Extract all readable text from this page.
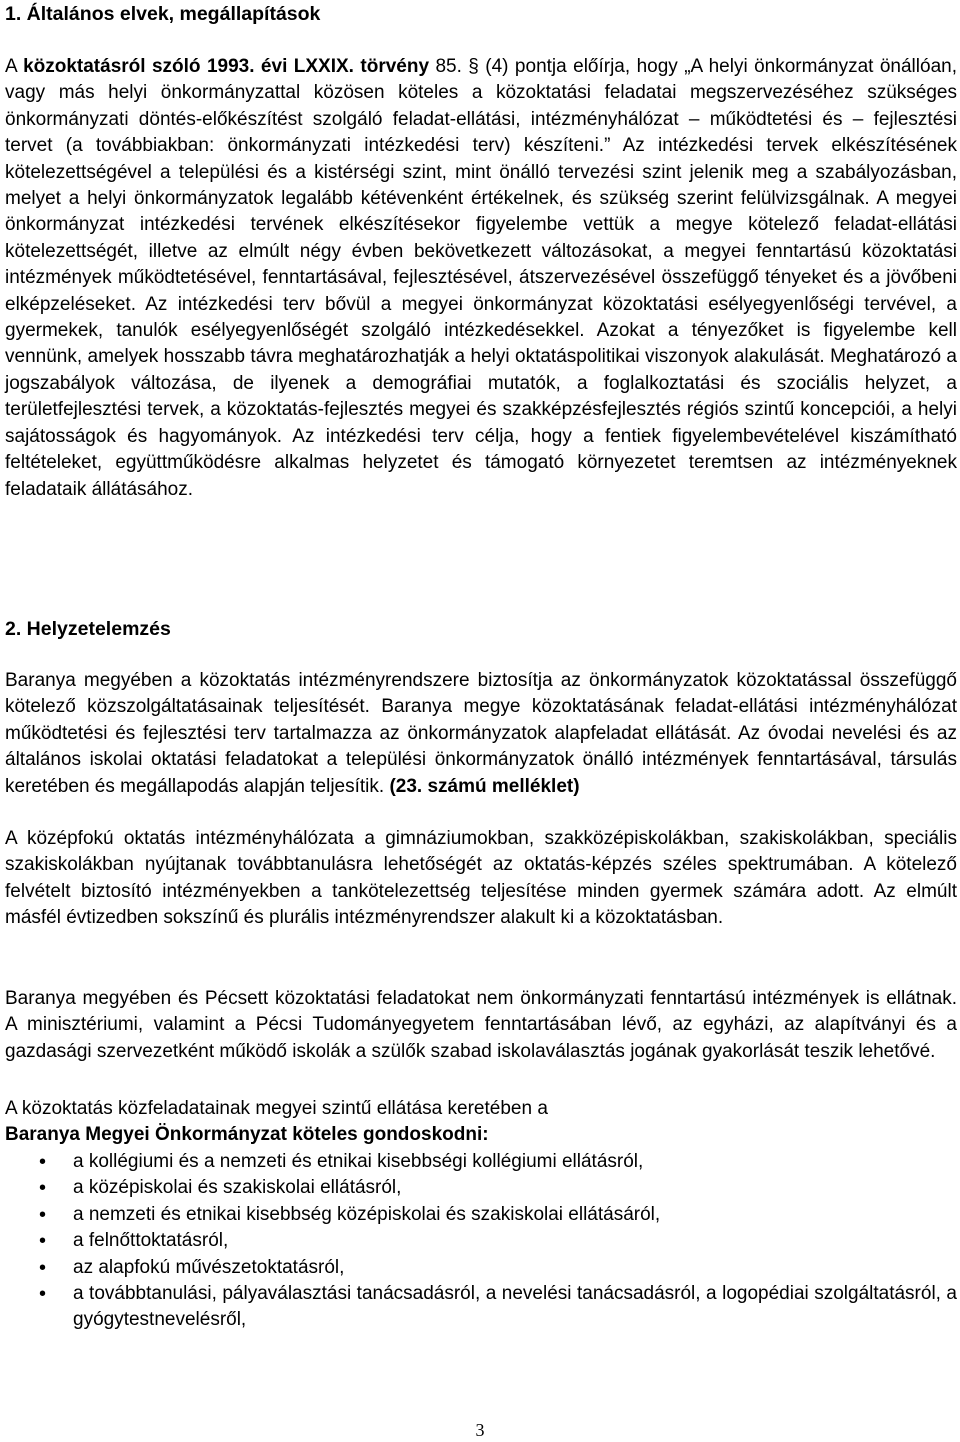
1. Általános elvek, megállapítások

A közoktatásról szóló 1993. évi LXXIX. törvény 85. § (4) pontja előírja, hogy „A helyi önkormányzat önállóan, vagy más helyi önkormányzattal közösen köteles a közoktatási feladatai megszervezéséhez szükséges önkormányzati döntés-előkészítést szolgáló feladat-ellátási, intézményhálózat – működtetési és – fejlesztési tervet (a továbbiakban: önkormányzati intézkedési terv) készíteni.” Az intézkedési tervek elkészítésének kötelezettségével a települési és a kistérségi szint, mint önálló tervezési szint jelenik meg a szabályozásban, melyet a helyi önkormányzatok legalább kétévenként értékelnek, és szükség szerint felülvizsgálnak. A megyei önkormányzat intézkedési tervének elkészítésekor figyelembe vettük a megye kötelező feladat-ellátási kötelezettségét, illetve az elmúlt négy évben bekövetkezett változásokat, a megyei fenntartású közoktatási intézmények működtetésével, fenntartásával, fejlesztésével, átszervezésével összefüggő tényeket és a jövőbeni elképzeléseket. Az intézkedési terv bővül a megyei önkormányzat közoktatási esélyegyenlőségi tervével, a gyermekek, tanulók esélyegyenlőségét szolgáló intézkedésekkel. Azokat a tényezőket is figyelembe kell vennünk, amelyek hosszabb távra meghatározhatják a helyi oktatáspolitikai viszonyok alakulását. Meghatározó a jogszabályok változása, de ilyenek a demográfiai mutatók, a foglalkoztatási és szociális helyzet, a területfejlesztési tervek, a közoktatás-fejlesztés megyei és szakképzésfejlesztés régiós szintű koncepciói, a helyi sajátosságok és hagyományok. Az intézkedési terv célja, hogy a fentiek figyelembevételével kiszámítható feltételeket, együttműködésre alkalmas helyzetet és támogató környezetet teremtsen az intézményeknek feladataik állátásához.

2. Helyzetelemzés

Baranya megyében a közoktatás intézményrendszere biztosítja az önkormányzatok közoktatással összefüggő kötelező közszolgáltatásainak teljesítését. Baranya megye közoktatásának feladat-ellátási intézményhálózat működtetési és fejlesztési terv tartalmazza az önkormányzatok alapfeladat ellátását. Az óvodai nevelési és az általános iskolai oktatási feladatokat a települési önkormányzatok önálló intézmények fenntartásával, társulás keretében és megállapodás alapján teljesítik. (23. számú melléklet)

A középfokú oktatás intézményhálózata a gimnáziumokban, szakközépiskolákban, szakiskolákban, speciális szakiskolákban nyújtanak továbbtanulásra lehetőségét az oktatás-képzés széles spektrumában. A kötelező felvételt biztosító intézményekben a tankötelezettség teljesítése minden gyermek számára adott. Az elmúlt másfél évtizedben sokszínű és plurális intézményrendszer alakult ki a közoktatásban.

Baranya megyében és Pécsett közoktatási feladatokat nem önkormányzati fenntartású intézmények is ellátnak. A minisztériumi, valamint a Pécsi Tudományegyetem fenntartásában lévő, az egyházi, az alapítványi és a gazdasági szervezetként működő iskolák a szülők szabad iskolaválasztás jogának gyakorlását teszik lehetővé.

A közoktatás közfeladatainak megyei szintű ellátása keretében a

Baranya Megyei Önkormányzat köteles gondoskodni:

• a kollégiumi és a nemzeti és etnikai kisebbségi kollégiumi ellátásról,
• a középiskolai és szakiskolai ellátásról,
• a nemzeti és etnikai kisebbség középiskolai és szakiskolai ellátásáról,
• a felnőttoktatásról,
• az alapfokú művészetoktatásról,
• a továbbtanulási, pályaválasztási tanácsadásról, a nevelési tanácsadásról, a logopédiai szolgáltatásról, a gyógytestnevelésről,

3
